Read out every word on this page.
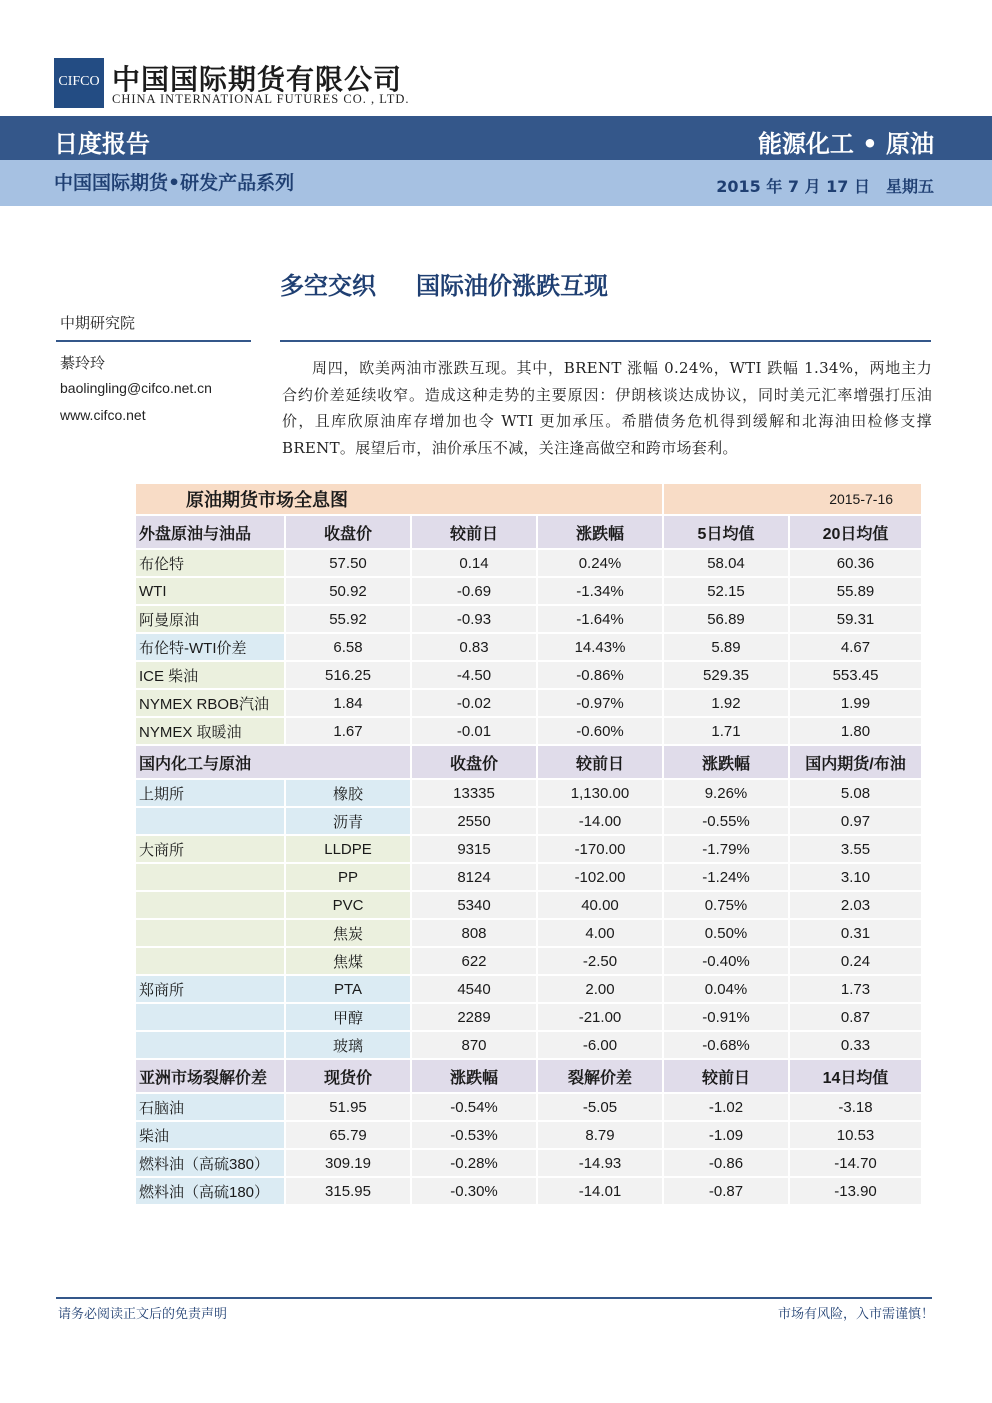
CIFCO 中国国际期货有限公司
CHINA INTERNATIONAL FUTURES CO. , LTD.
日度报告	能源化工 • 原油
中国国际期货•研发产品系列	2015 年 7 月 17 日　星期五
多空交织 国际油价涨跌互现
中期研究院
綦玲玲
baolingling@cifco.net.cn
www.cifco.net
周四，欧美两油市涨跌互现。其中，BRENT 涨幅 0.24%，WTI 跌幅 1.34%，两地主力合约价差延续收窄。造成这种走势的主要原因：伊朗核谈达成协议，同时美元汇率增强打压油价，且库欣原油库存增加也令 WTI 更加承压。希腊债务危机得到缓解和北海油田检修支撑 BRENT。展望后市，油价承压不减，关注逢高做空和跨市场套利。
原油期货市场全息图				2015-7-16	
外盘原油与油品	收盘价	较前日	涨跌幅	5日均值	20日均值
布伦特	57.50	0.14	0.24%	58.04	60.36
WTI	50.92	-0.69	-1.34%	52.15	55.89
阿曼原油	55.92	-0.93	-1.64%	56.89	59.31
布伦特-WTI价差	6.58	0.83	14.43%	5.89	4.67
ICE 柴油	516.25	-4.50	-0.86%	529.35	553.45
NYMEX RBOB汽油	1.84	-0.02	-0.97%	1.92	1.99
NYMEX 取暖油	1.67	-0.01	-0.60%	1.71	1.80
国内化工与原油		收盘价	较前日	涨跌幅	国内期货/布油
上期所	橡胶	13335	1,130.00	9.26%	5.08
	沥青	2550	-14.00	-0.55%	0.97
大商所	LLDPE	9315	-170.00	-1.79%	3.55
	PP	8124	-102.00	-1.24%	3.10
	PVC	5340	40.00	0.75%	2.03
	焦炭	808	4.00	0.50%	0.31
	焦煤	622	-2.50	-0.40%	0.24
郑商所	PTA	4540	2.00	0.04%	1.73
	甲醇	2289	-21.00	-0.91%	0.87
	玻璃	870	-6.00	-0.68%	0.33
亚洲市场裂解价差	现货价	涨跌幅	裂解价差	较前日	14日均值
石脑油	51.95	-0.54%	-5.05	-1.02	-3.18
柴油	65.79	-0.53%	8.79	-1.09	10.53
燃料油（高硫380）	309.19	-0.28%	-14.93	-0.86	-14.70
燃料油（高硫180）	315.95	-0.30%	-14.01	-0.87	-13.90
请务必阅读正文后的免责声明	市场有风险，入市需谨慎！
